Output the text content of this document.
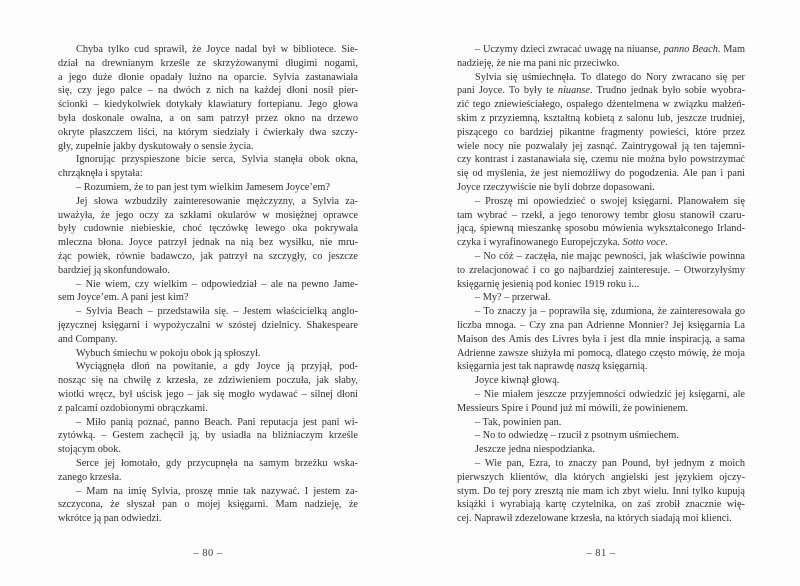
Chyba tylko cud sprawił, że Joyce nadal był w bibliotece. Sie-
dział na drewnianym krześle ze skrzyżowanymi długimi nogami,
a jego duże dłonie opadały luźno na oparcie. Sylvia zastanawiała
się, czy jego palce – na dwóch z nich na każdej dłoni nosił pier-
ścionki – kiedykolwiek dotykały klawiatury fortepianu. Jego głowa
była doskonale owalna, a on sam patrzył przez okno na drzewo
okryte płaszczem liści, na którym siedziały i ćwierkały dwa szczy-
gły, zupełnie jakby dyskutowały o sensie życia.
Ignorując przyspieszone bicie serca, Sylvia stanęła obok okna,
chrząknęła i spytała:
– Rozumiem, że to pan jest tym wielkim Jamesem Joyce’em?
Jej słowa wzbudziły zainteresowanie mężczyzny, a Sylvia za-
uważyła, że jego oczy za szkłami okularów w mosiężnej oprawce
były cudownie niebieskie, choć tęczówkę lewego oka pokrywała
mleczna błona. Joyce patrzył jednak na nią bez wysiłku, nie mru-
żąc powiek, równie badawczo, jak patrzył na szczygły, co jeszcze
bardziej ją skonfundowało.
– Nie wiem, czy wielkim – odpowiedział – ale na pewno Jame-
sem Joyce’em. A pani jest kim?
– Sylvia Beach – przedstawiła się. – Jestem właścicielką anglo-
języcznej księgarni i wypożyczalni w szóstej dzielnicy. Shakespeare
and Company.
Wybuch śmiechu w pokoju obok ją spłoszył.
Wyciągnęła dłoń na powitanie, a gdy Joyce ją przyjął, pod-
nosząc się na chwilę z krzesła, ze zdziwieniem poczuła, jak słaby,
wiotki wręcz, był uścisk jego – jak się mogło wydawać – silnej dłoni
z palcami ozdobionymi obrączkami.
– Miło panią poznać, panno Beach. Pani reputacja jest pani wi-
zytówką. – Gestem zachęcił ją, by usiadła na bliźniaczym krześle
stojącym obok.
Serce jej łomotało, gdy przycupnęła na samym brzeżku wska-
zanego krzesła.
– Mam na imię Sylvia, proszę mnie tak nazywać. I jestem za-
szczycona, że słyszał pan o mojej księgarni. Mam nadzieję, że
wkrótce ją pan odwiedzi.
– Uczymy dzieci zwracać uwagę na niuanse, panno Beach. Mam
nadzieję, że nie ma pani nic przeciwko.
Sylvia się uśmiechnęła. To dlatego do Nory zwracano się per
pani Joyce. To były te niuanse. Trudno jednak było sobie wyobra-
zić tego zniewieściałego, ospałego dżentelmena w związku małżeń-
skim z przyziemną, kształtną kobietą z salonu lub, jeszcze trudniej,
piszącego co bardziej pikantne fragmenty powieści, które przez
wiele nocy nie pozwalały jej zasnąć. Zaintrygował ją ten tajemni-
czy kontrast i zastanawiała się, czemu nie można było powstrzymać
się od myślenia, że jest niemożliwy do pogodzenia. Ale pan i pani
Joyce rzeczywiście nie byli dobrze dopasowani.
– Proszę mi opowiedzieć o swojej księgarni. Planowałem się
tam wybrać – rzekł, a jego tenorowy tembr głosu stanowił czaru-
jącą, śpiewną mieszankę sposobu mówienia wykształconego Irland-
czyka i wyrafinowanego Europejczyka. Sotto voce.
– No cóż – zaczęła, nie mając pewności, jak właściwie powinna
to zrelacjonować i co go najbardziej zainteresuje. – Otworzyłyśmy
księgarnię jesienią pod koniec 1919 roku i...
– My? – przerwał.
– To znaczy ja – poprawiła się, zdumiona, że zainteresowała go
liczba mnoga. – Czy zna pan Adrienne Monnier? Jej księgarnia La
Maison des Amis des Livres była i jest dla mnie inspiracją, a sama
Adrienne zawsze służyła mi pomocą, dlatego często mówię, że moja
księgarnia jest tak naprawdę naszą księgarnią.
Joyce kiwnął głową.
– Nie miałem jeszcze przyjemności odwiedzić jej księgarni, ale
Messieurs Spire i Pound już mi mówili, że powinienem.
– Tak, powinien pan.
– No to odwiedzę – rzucił z psotnym uśmiechem.
Jeszcze jedna niespodzianka.
– Wie pan, Ezra, to znaczy pan Pound, był jednym z moich
pierwszych klientów, dla których angielski jest językiem ojczy-
stym. Do tej pory zresztą nie mam ich zbyt wielu. Inni tylko kupują
książki i wyrabiają kartę czytelnika, on zaś zrobił znacznie wię-
cej. Naprawił zdezelowane krzesła, na których siadają moi klienci.
– 80 –	– 81 –
